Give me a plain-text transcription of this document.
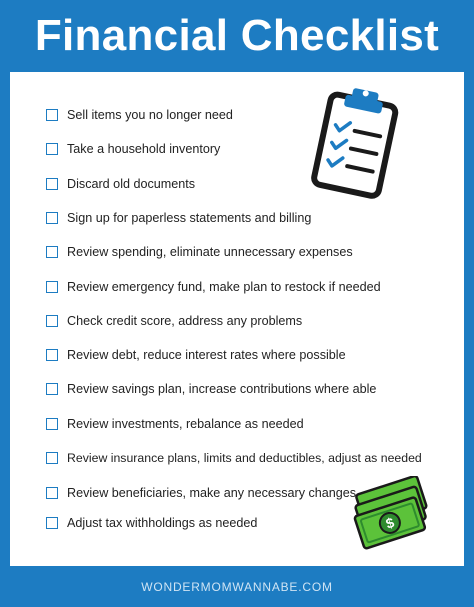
Financial Checklist
Sell items you no longer need
Take a household inventory
Discard old documents
Sign up for paperless statements and billing
Review spending, eliminate unnecessary expenses
Review emergency fund, make plan to restock if needed
Check credit score, address any problems
Review debt, reduce interest rates where possible
Review savings plan, increase contributions where able
Review investments, rebalance as needed
Review insurance plans, limits and deductibles, adjust as needed
Review beneficiaries, make any necessary changes
Adjust tax withholdings as needed	$
WONDERMOMWANNABE.COM
